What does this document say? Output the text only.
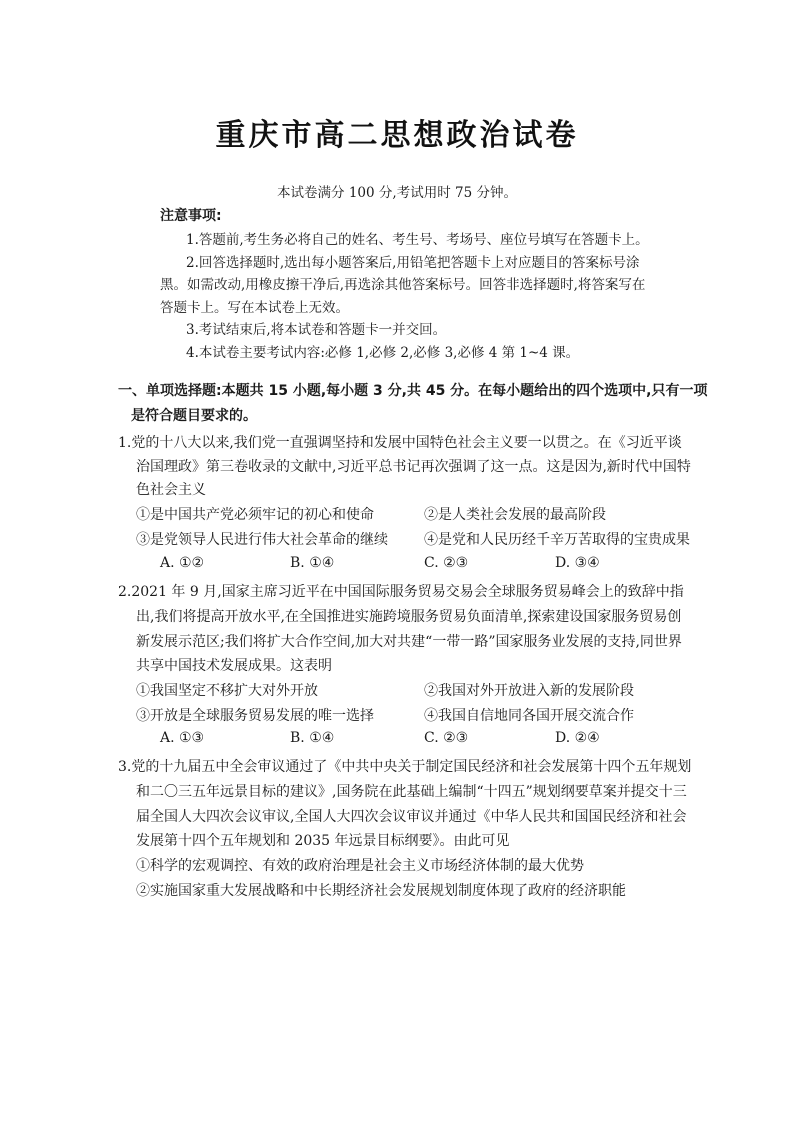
重庆市高二思想政治试卷
本试卷满分 100 分,考试用时 75 分钟。
注意事项:
1.答题前,考生务必将自己的姓名、考生号、考场号、座位号填写在答题卡上。
2.回答选择题时,选出每小题答案后,用铅笔把答题卡上对应题目的答案标号涂
黑。如需改动,用橡皮擦干净后,再选涂其他答案标号。回答非选择题时,将答案写在
答题卡上。写在本试卷上无效。
3.考试结束后,将本试卷和答题卡一并交回。
4.本试卷主要考试内容:必修 1,必修 2,必修 3,必修 4 第 1~4 课。
一、单项选择题:本题共 15 小题,每小题 3 分,共 45 分。在每小题给出的四个选项中,只有一项
是符合题目要求的。
1.党的十八大以来,我们党一直强调坚持和发展中国特色社会主义要一以贯之。在《习近平谈
治国理政》第三卷收录的文献中,习近平总书记再次强调了这一点。这是因为,新时代中国特
色社会主义
①是中国共产党必须牢记的初心和使命	②是人类社会发展的最高阶段
③是党领导人民进行伟大社会革命的继续	④是党和人民历经千辛万苦取得的宝贵成果
A. ①②	B. ①④	C. ②③	D. ③④
2.2021 年 9 月,国家主席习近平在中国国际服务贸易交易会全球服务贸易峰会上的致辞中指
出,我们将提高开放水平,在全国推进实施跨境服务贸易负面清单,探索建设国家服务贸易创
新发展示范区;我们将扩大合作空间,加大对共建“一带一路”国家服务业发展的支持,同世界
共享中国技术发展成果。这表明
①我国坚定不移扩大对外开放	②我国对外开放进入新的发展阶段
③开放是全球服务贸易发展的唯一选择	④我国自信地同各国开展交流合作
A. ①③	B. ①④	C. ②③	D. ②④
3.党的十九届五中全会审议通过了《中共中央关于制定国民经济和社会发展第十四个五年规划
和二〇三五年远景目标的建议》,国务院在此基础上编制“十四五”规划纲要草案并提交十三
届全国人大四次会议审议,全国人大四次会议审议并通过《中华人民共和国国民经济和社会
发展第十四个五年规划和 2035 年远景目标纲要》。由此可见
①科学的宏观调控、有效的政府治理是社会主义市场经济体制的最大优势
②实施国家重大发展战略和中长期经济社会发展规划制度体现了政府的经济职能
